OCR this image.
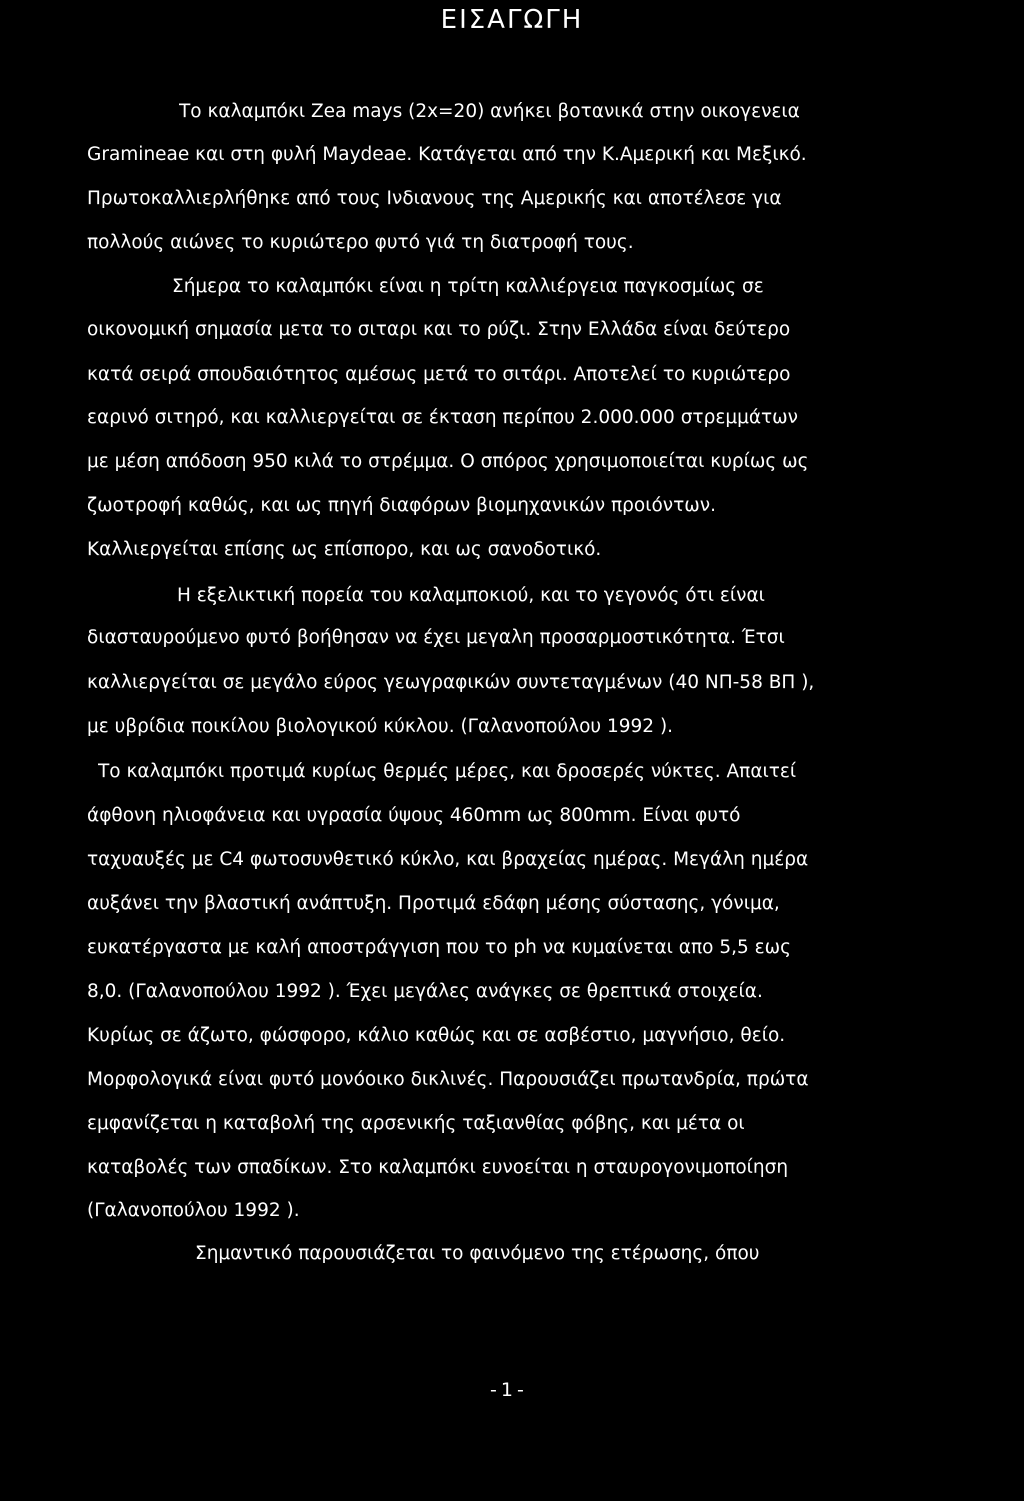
ΕΙΣΑΓΩΓΗ
Το καλαμπόκι Zea mays (2x=20) ανήκει βοτανικά στην οικογενεια
Gramineae και στη φυλή Maydeae. Κατάγεται από την Κ.Αμερική και Μεξικό.
Πρωτοκαλλιερλήθηκε από τους Ινδιανους της Αμερικής και αποτέλεσε για
πολλούς αιώνες το κυριώτερο φυτό γιά τη διατροφή τους.
Σήμερα το καλαμπόκι είναι η τρίτη καλλιέργεια παγκοσμίως σε
οικονομική σημασία μετα το σιταρι και το ρύζι. Στην Ελλάδα είναι δεύτερο
κατά σειρά σπουδαιότητος αμέσως μετά το σιτάρι. Αποτελεί το κυριώτερο
εαρινό σιτηρό, και καλλιεργείται σε έκταση περίπου 2.000.000 στρεμμάτων
με μέση απόδοση 950 κιλά το στρέμμα. Ο σπόρος χρησιμοποιείται κυρίως ως
ζωοτροφή καθώς, και ως πηγή διαφόρων βιομηχανικών προιόντων.
Καλλιεργείται επίσης ως επίσπορο, και ως σανοδοτικό.
Η εξελικτική πορεία του καλαμποκιού, και το γεγονός ότι είναι
διασταυρούμενο φυτό βοήθησαν να έχει μεγαλη προσαρμοστικότητα. Έτσι
καλλιεργείται σε μεγάλο εύρος γεωγραφικών συντεταγμένων (40 ΝΠ-58 ΒΠ ),
με υβρίδια ποικίλου βιολογικού κύκλου. (Γαλανοπούλου 1992 ).
Το καλαμπόκι προτιμά κυρίως θερμές μέρες, και δροσερές νύκτες. Απαιτεί
άφθονη ηλιοφάνεια και υγρασία ύψους 460mm ως 800mm. Είναι φυτό
ταχυαυξές με C4 φωτοσυνθετικό κύκλο, και βραχείας ημέρας. Μεγάλη ημέρα
αυξάνει την βλαστική ανάπτυξη. Προτιμά εδάφη μέσης σύστασης, γόνιμα,
ευκατέργαστα με καλή αποστράγγιση που το ph να κυμαίνεται απο 5,5 εως
8,0. (Γαλανοπούλου 1992 ). Έχει μεγάλες ανάγκες σε θρεπτικά στοιχεία.
Κυρίως σε άζωτο, φώσφορο, κάλιο καθώς και σε ασβέστιο, μαγνήσιο, θείο.
Μορφολογικά είναι φυτό μονόοικο δικλινές. Παρουσιάζει πρωτανδρία, πρώτα
εμφανίζεται η καταβολή της αρσενικής ταξιανθίας φόβης, και μέτα οι
καταβολές των σπαδίκων. Στο καλαμπόκι ευνοείται η σταυρογονιμοποίηση
(Γαλανοπούλου 1992 ).
Σημαντικό παρουσιάζεται το φαινόμενο της ετέρωσης, όπου
-1-
